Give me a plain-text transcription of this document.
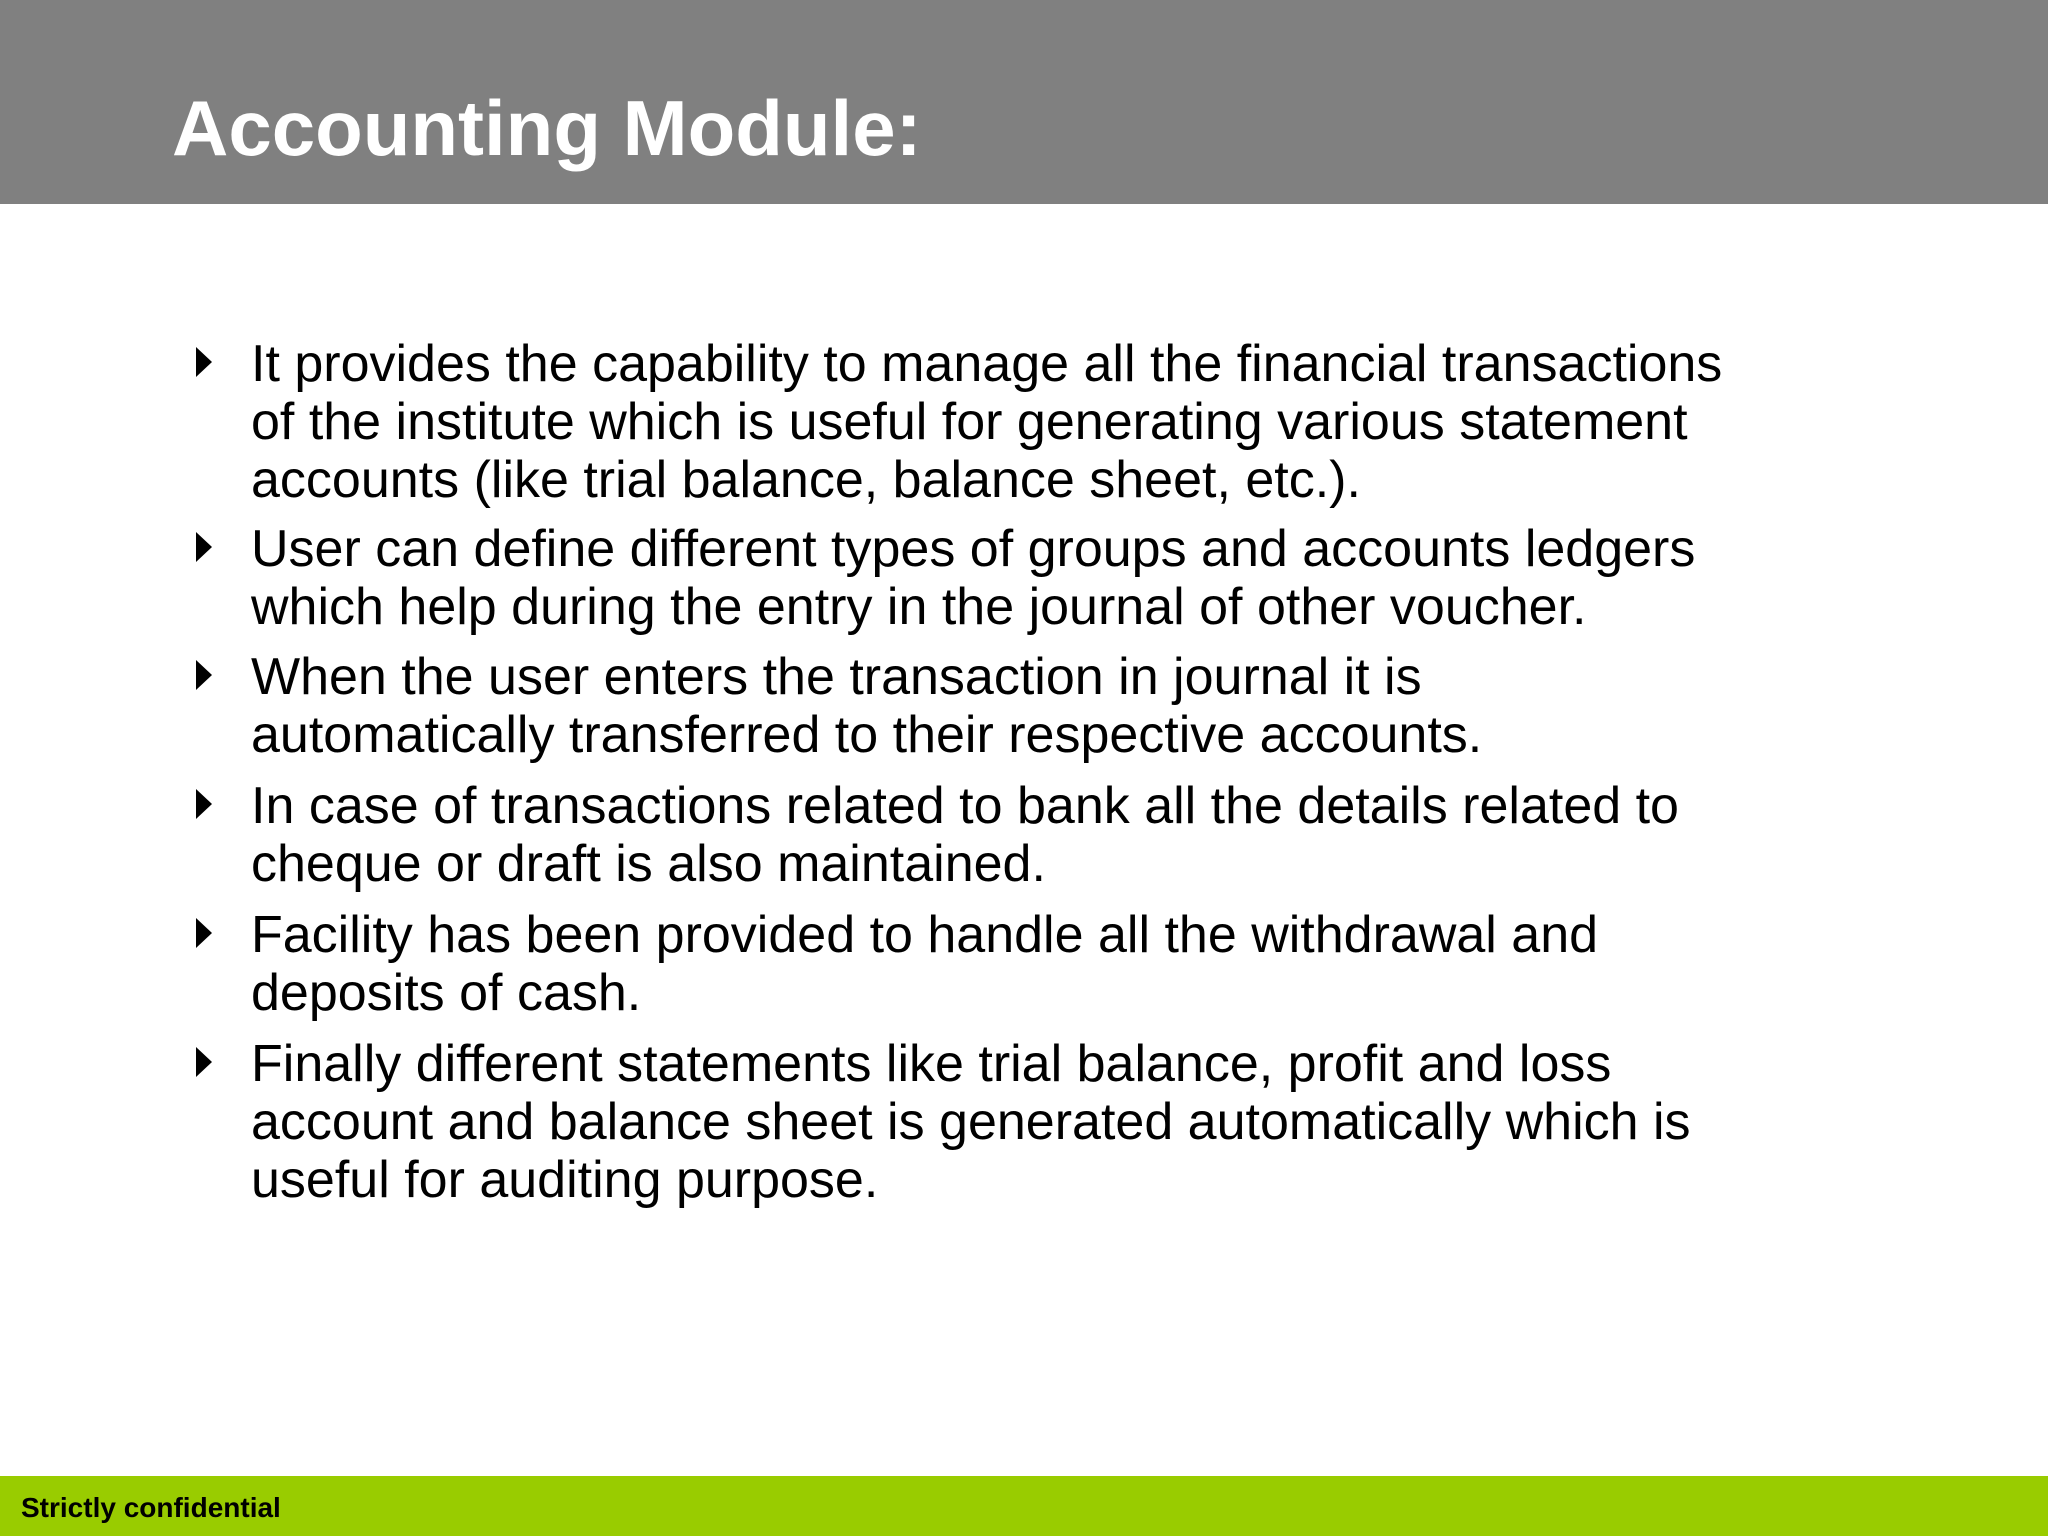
Accounting Module:

It provides the capability to manage all the financial transactions
of the institute which is useful for generating various statement
accounts (like trial balance, balance sheet, etc.).

User can define different types of groups and accounts ledgers
which help during the entry in the journal of other voucher.

When the user enters the transaction in journal it is
automatically transferred to their respective accounts.

In case of transactions related to bank all the details related to
cheque or draft is also maintained.

Facility has been provided to handle all the withdrawal and
deposits of cash.

Finally different statements like trial balance, profit and loss
account and balance sheet is generated automatically which is
useful for auditing purpose.

Strictly confidential
